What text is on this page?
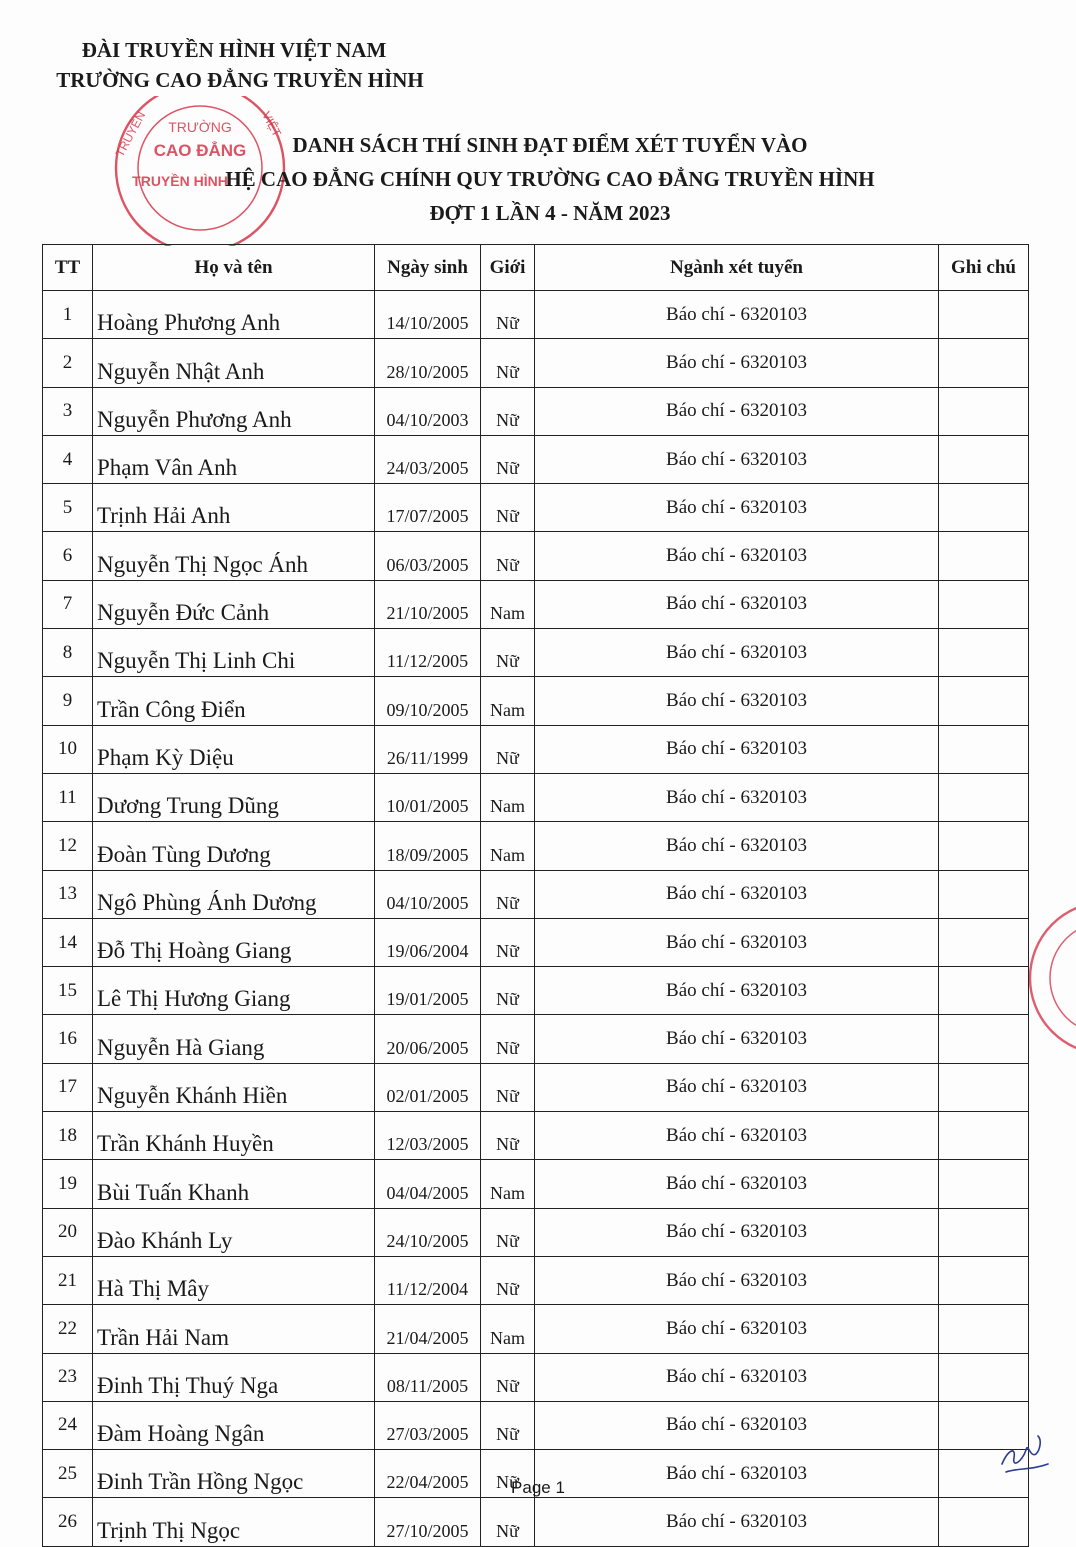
ĐÀI TRUYỀN HÌNH VIỆT NAM
TRƯỜNG CAO ĐẲNG TRUYỀN HÌNH
TRƯỜNG
CAO ĐẲNG
TRUYỀN HÌNH
TRUYỀN	VIỆT
DANH SÁCH THÍ SINH ĐẠT ĐIỂM XÉT TUYỂN VÀO
HỆ CAO ĐẲNG CHÍNH QUY TRƯỜNG CAO ĐẲNG TRUYỀN HÌNH
ĐỢT 1 LẦN 4 - NĂM 2023
TT	Họ và tên	Ngày sinh	Giới	Ngành xét tuyển	Ghi chú
1	Hoàng Phương Anh	14/10/2005	Nữ	Báo chí - 6320103	
2	Nguyễn Nhật Anh	28/10/2005	Nữ	Báo chí - 6320103	
3	Nguyễn Phương Anh	04/10/2003	Nữ	Báo chí - 6320103	
4	Phạm Vân Anh	24/03/2005	Nữ	Báo chí - 6320103	
5	Trịnh Hải Anh	17/07/2005	Nữ	Báo chí - 6320103	
6	Nguyễn Thị Ngọc Ánh	06/03/2005	Nữ	Báo chí - 6320103	
7	Nguyễn Đức Cảnh	21/10/2005	Nam	Báo chí - 6320103	
8	Nguyễn Thị Linh Chi	11/12/2005	Nữ	Báo chí - 6320103	
9	Trần Công Điển	09/10/2005	Nam	Báo chí - 6320103	
10	Phạm Kỳ Diệu	26/11/1999	Nữ	Báo chí - 6320103	
11	Dương Trung Dũng	10/01/2005	Nam	Báo chí - 6320103	
12	Đoàn Tùng Dương	18/09/2005	Nam	Báo chí - 6320103	
13	Ngô Phùng Ánh Dương	04/10/2005	Nữ	Báo chí - 6320103	
14	Đỗ Thị Hoàng Giang	19/06/2004	Nữ	Báo chí - 6320103	
15	Lê Thị Hương Giang	19/01/2005	Nữ	Báo chí - 6320103	
16	Nguyễn Hà Giang	20/06/2005	Nữ	Báo chí - 6320103	
17	Nguyễn Khánh Hiền	02/01/2005	Nữ	Báo chí - 6320103	
18	Trần Khánh Huyền	12/03/2005	Nữ	Báo chí - 6320103	
19	Bùi Tuấn Khanh	04/04/2005	Nam	Báo chí - 6320103	
20	Đào Khánh Ly	24/10/2005	Nữ	Báo chí - 6320103	
21	Hà Thị Mây	11/12/2004	Nữ	Báo chí - 6320103	
22	Trần Hải Nam	21/04/2005	Nam	Báo chí - 6320103	
23	Đinh Thị Thuý Nga	08/11/2005	Nữ	Báo chí - 6320103	
24	Đàm Hoàng Ngân	27/03/2005	Nữ	Báo chí - 6320103	
25	Đinh Trần Hồng Ngọc	22/04/2005	Nữ	Báo chí - 6320103	
26	Trịnh Thị Ngọc	27/10/2005	Nữ	Báo chí - 6320103	
Page 1
